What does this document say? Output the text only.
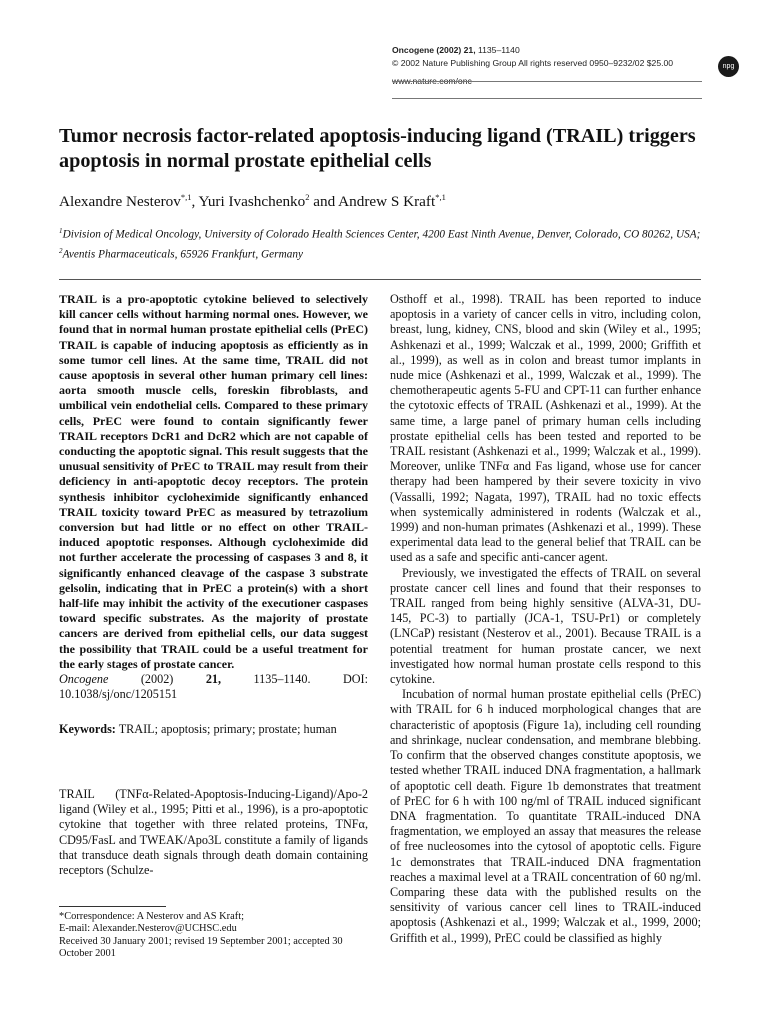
Oncogene (2002) 21, 1135–1140
© 2002 Nature Publishing Group All rights reserved 0950–9232/02 $25.00
www.nature.com/onc
npg
Tumor necrosis factor-related apoptosis-inducing ligand (TRAIL) triggers apoptosis in normal prostate epithelial cells
Alexandre Nesterov$^{*,1}$, Yuri Ivashchenko$^2$ and Andrew S Kraft$^{*,1}$
$^1$Division of Medical Oncology, University of Colorado Health Sciences Center, 4200 East Ninth Avenue, Denver, Colorado, CO 80262, USA; $^2$Aventis Pharmaceuticals, 65926 Frankfurt, Germany

TRAIL is a pro-apoptotic cytokine believed to selectively kill cancer cells without harming normal ones. However, we found that in normal human prostate epithelial cells (PrEC) TRAIL is capable of inducing apoptosis as efficiently as in some tumor cell lines. At the same time, TRAIL did not cause apoptosis in several other human primary cell lines: aorta smooth muscle cells, foreskin fibroblasts, and umbilical vein endothelial cells. Compared to these primary cells, PrEC were found to contain significantly fewer TRAIL receptors DcR1 and DcR2 which are not capable of conducting the apoptotic signal. This result suggests that the unusual sensitivity of PrEC to TRAIL may result from their deficiency in anti-apoptotic decoy receptors. The protein synthesis inhibitor cycloheximide significantly enhanced TRAIL toxicity toward PrEC as measured by tetrazolium conversion but had little or no effect on other TRAIL-induced apoptotic responses. Although cycloheximide did not further accelerate the processing of caspases 3 and 8, it significantly enhanced cleavage of the caspase 3 substrate gelsolin, indicating that in PrEC a protein(s) with a short half-life may inhibit the activity of the executioner caspases toward specific substrates. As the majority of prostate cancers are derived from epithelial cells, our data suggest the possibility that TRAIL could be a useful treatment for the early stages of prostate cancer.

Oncogene (2002) 21, 1135–1140. DOI: 10.1038/sj/onc/1205151

Keywords: TRAIL; apoptosis; primary; prostate; human

TRAIL (TNFα-Related-Apoptosis-Inducing-Ligand)/Apo-2 ligand (Wiley et al., 1995; Pitti et al., 1996), is a pro-apoptotic cytokine that together with three related proteins, TNFα, CD95/FasL and TWEAK/Apo3L constitute a family of ligands that transduce death signals through death domain containing receptors (Schulze-

*Correspondence: A Nesterov and AS Kraft;

E-mail: Alexander.Nesterov@UCHSC.edu

Received 30 January 2001; revised 19 September 2001; accepted 30 October 2001

Osthoff et al., 1998). TRAIL has been reported to induce apoptosis in a variety of cancer cells in vitro, including colon, breast, lung, kidney, CNS, blood and skin (Wiley et al., 1995; Ashkenazi et al., 1999; Walczak et al., 1999, 2000; Griffith et al., 1999), as well as in colon and breast tumor implants in nude mice (Ashkenazi et al., 1999, Walczak et al., 1999). The chemotherapeutic agents 5-FU and CPT-11 can further enhance the cytotoxic effects of TRAIL (Ashkenazi et al., 1999). At the same time, a large panel of primary human cells including prostate epithelial cells has been tested and reported to be TRAIL resistant (Ashkenazi et al., 1999; Walczak et al., 1999). Moreover, unlike TNFα and Fas ligand, whose use for cancer therapy had been hampered by their severe toxicity in vivo (Vassalli, 1992; Nagata, 1997), TRAIL had no toxic effects when systemically administered in rodents (Walczak et al., 1999) and non-human primates (Ashkenazi et al., 1999). These experimental data lead to the general belief that TRAIL can be used as a safe and specific anti-cancer agent.

Previously, we investigated the effects of TRAIL on several prostate cancer cell lines and found that their responses to TRAIL ranged from being highly sensitive (ALVA-31, DU-145, PC-3) to partially (JCA-1, TSU-Pr1) or completely (LNCaP) resistant (Nesterov et al., 2001). Because TRAIL is a potential treatment for human prostate cancer, we next investigated how normal human prostate cells respond to this cytokine.

Incubation of normal human prostate epithelial cells (PrEC) with TRAIL for 6 h induced morphological changes that are characteristic of apoptosis (Figure 1a), including cell rounding and shrinkage, nuclear condensation, and membrane blebbing. To confirm that the observed changes constitute apoptosis, we tested whether TRAIL induced DNA fragmentation, a hallmark of apoptotic cell death. Figure 1b demonstrates that treatment of PrEC for 6 h with 100 ng/ml of TRAIL induced significant DNA fragmentation. To quantitate TRAIL-induced DNA fragmentation, we employed an assay that measures the release of free nucleosomes into the cytosol of apoptotic cells. Figure 1c demonstrates that TRAIL-induced DNA fragmentation reaches a maximal level at a TRAIL concentration of 60 ng/ml. Comparing these data with the published results on the sensitivity of various cancer cell lines to TRAIL-induced apoptosis (Ashkenazi et al., 1999; Walczak et al., 1999, 2000; Griffith et al., 1999), PrEC could be classified as highly
